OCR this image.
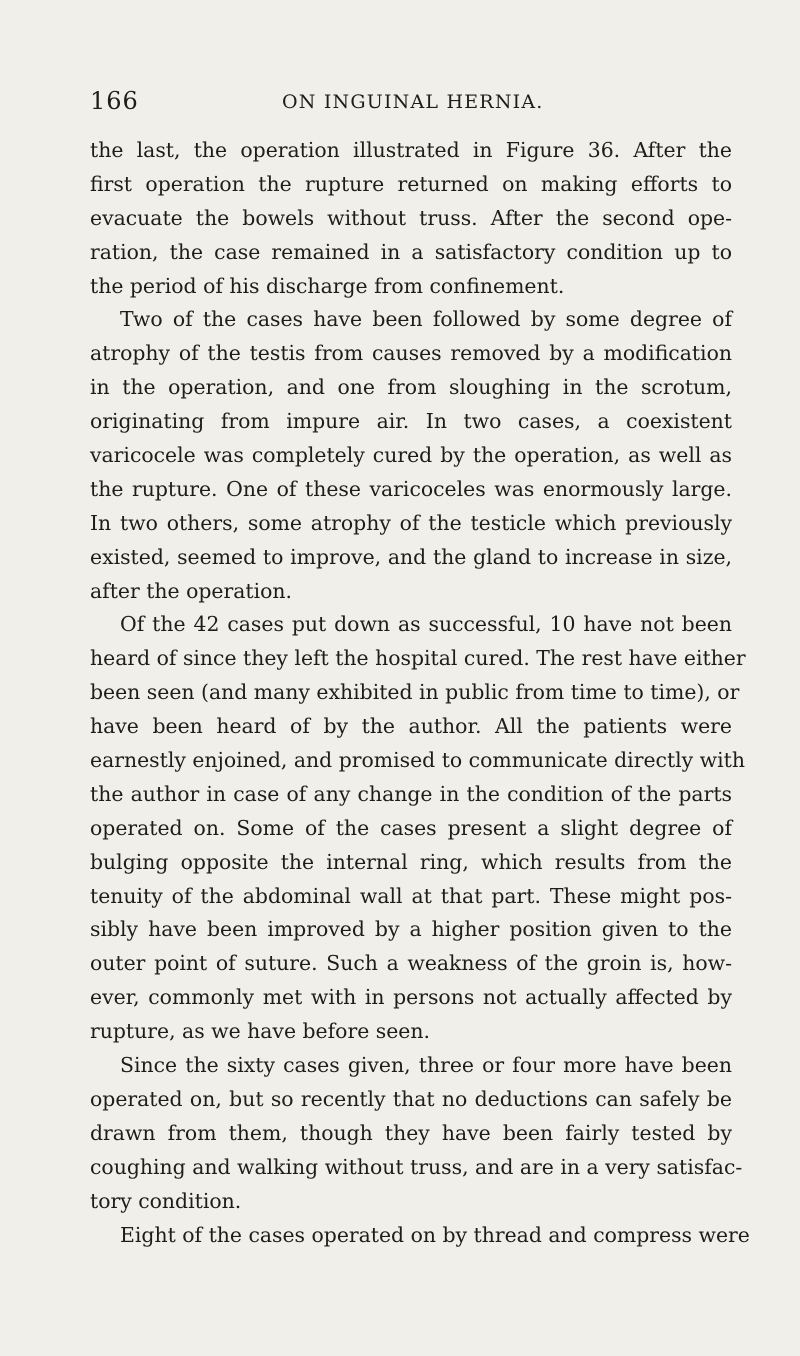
166	ON INGUINAL HERNIA.
the last, the operation illustrated in Figure 36. After the
first operation the rupture returned on making efforts to
evacuate the bowels without truss. After the second ope-
ration, the case remained in a satisfactory condition up to
the period of his discharge from confinement.
Two of the cases have been followed by some degree of
atrophy of the testis from causes removed by a modification
in the operation, and one from sloughing in the scrotum,
originating from impure air. In two cases, a coexistent
varicocele was completely cured by the operation, as well as
the rupture. One of these varicoceles was enormously large.
In two others, some atrophy of the testicle which previously
existed, seemed to improve, and the gland to increase in size,
after the operation.
Of the 42 cases put down as successful, 10 have not been
heard of since they left the hospital cured. The rest have either
been seen (and many exhibited in public from time to time), or
have been heard of by the author. All the patients were
earnestly enjoined, and promised to communicate directly with
the author in case of any change in the condition of the parts
operated on. Some of the cases present a slight degree of
bulging opposite the internal ring, which results from the
tenuity of the abdominal wall at that part. These might pos-
sibly have been improved by a higher position given to the
outer point of suture. Such a weakness of the groin is, how-
ever, commonly met with in persons not actually affected by
rupture, as we have before seen.
Since the sixty cases given, three or four more have been
operated on, but so recently that no deductions can safely be
drawn from them, though they have been fairly tested by
coughing and walking without truss, and are in a very satisfac-
tory condition.
Eight of the cases operated on by thread and compress were
